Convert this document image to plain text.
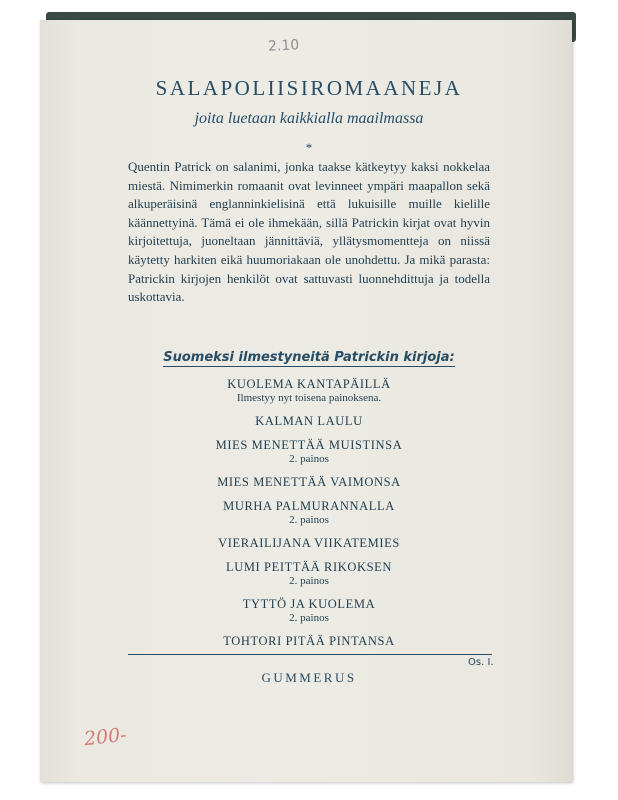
2.10
SALAPOLIISIROMAANEJA
joita luetaan kaikkialla maailmassa
*

Quentin Patrick on salanimi, jonka taakse kätkeytyy kaksi nokkelaa miestä. Nimimerkin romaanit ovat levinneet ympäri maapallon sekä alkuperäisinä englanninkielisinä että lukuisille muille kielille käännettyinä. Tämä ei ole ihmekään, sillä Patrickin kirjat ovat hyvin kirjoitettuja, juoneltaan jännittäviä, yllätysmomentteja on niissä käytetty harkiten eikä huumoriakaan ole unohdettu. Ja mikä parasta: Patrickin kirjojen henkilöt ovat sattuvasti luonnehdittuja ja todella uskottavia.

Suomeksi ilmestyneitä Patrickin kirjoja:
KUOLEMA KANTAPÄILLÄ
Ilmestyy nyt toisena painoksena.
KALMAN LAULU
MIES MENETTÄÄ MUISTINSA
2. painos
MIES MENETTÄÄ VAIMONSA
MURHA PALMURANNALLA
2. painos
VIERAILIJANA VIIKATEMIES
LUMI PEITTÄÄ RIKOKSEN
2. painos
TYTTÖ JA KUOLEMA
2. painos
TOHTORI PITÄÄ PINTANSA
Os. I.
GUMMERUS
200-
